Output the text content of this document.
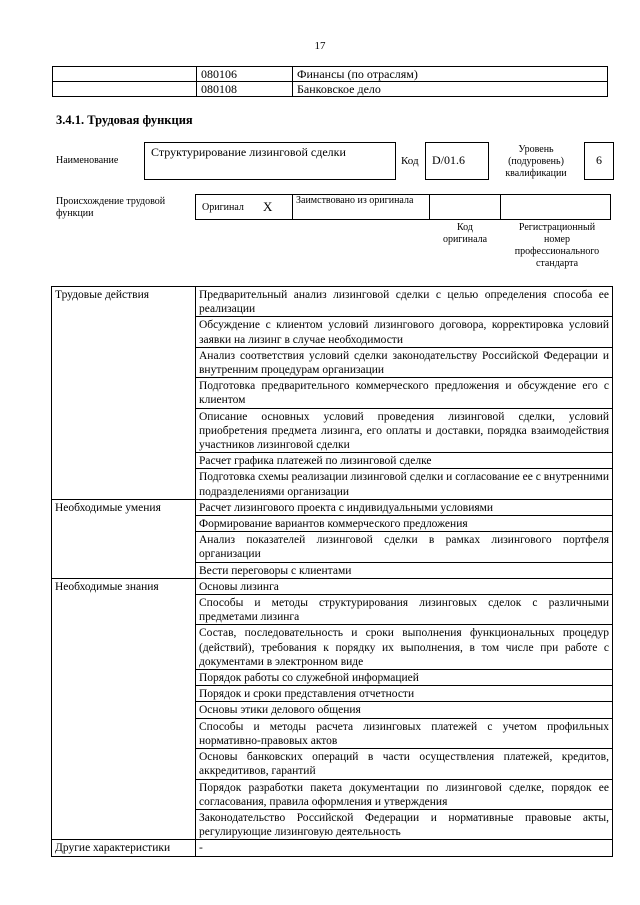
17
	080106	Финансы (по отраслям)
	080108	Банковское дело
3.4.1. Трудовая функция
Наименование
Структурирование лизинговой сделки
Код	D/01.6
Уровень (подуровень) квалификации
6
Происхождение трудовой функции
Оригинал X Заимствовано из оригинала
Код оригинала
Регистрационный номер профессионального стандарта
Трудовые действия	Предварительный анализ лизинговой сделки с целью определения способа ее реализации
	Обсуждение с клиентом условий лизингового договора, корректировка условий заявки на лизинг в случае необходимости
	Анализ соответствия условий сделки законодательству Российской Федерации и внутренним процедурам организации
	Подготовка предварительного коммерческого предложения и обсуждение его с клиентом
	Описание основных условий проведения лизинговой сделки, условий приобретения предмета лизинга, его оплаты и доставки, порядка взаимодействия участников лизинговой сделки
	Расчет графика платежей по лизинговой сделке
	Подготовка схемы реализации лизинговой сделки и согласование ее с внутренними подразделениями организации
Необходимые умения	Расчет лизингового проекта с индивидуальными условиями
	Формирование вариантов коммерческого предложения
	Анализ показателей лизинговой сделки в рамках лизингового портфеля организации
	Вести переговоры с клиентами
Необходимые знания	Основы лизинга
	Способы и методы структурирования лизинговых сделок с различными предметами лизинга
	Состав, последовательность и сроки выполнения функциональных процедур (действий), требования к порядку их выполнения, в том числе при работе с документами в электронном виде
	Порядок работы со служебной информацией
	Порядок и сроки представления отчетности
	Основы этики делового общения
	Способы и методы расчета лизинговых платежей с учетом профильных нормативно-правовых актов
	Основы банковских операций в части осуществления платежей, кредитов, аккредитивов, гарантий
	Порядок разработки пакета документации по лизинговой сделке, порядок ее согласования, правила оформления и утверждения
	Законодательство Российской Федерации и нормативные правовые акты, регулирующие лизинговую деятельность
Другие характеристики	-
